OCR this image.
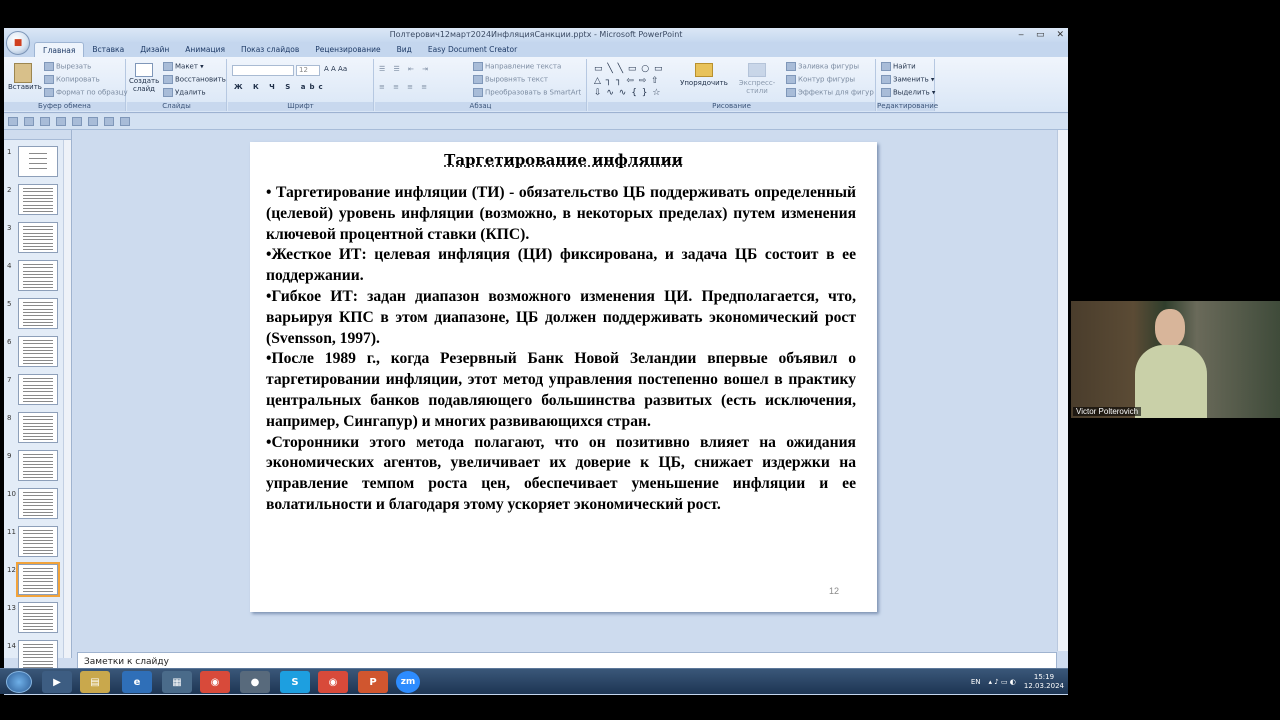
Полтерович12март2024ИнфляцияСанкции.pptx - Microsoft PowerPoint	‒ ▭ ✕
■
Главная	Вставка	Дизайн	Анимация	Показ слайдов	Рецензирование	Вид	Easy Document Creator
Вставить
Вырезать
Копировать
Формат по образцу
Буфер обмена
Создать слайд
Макет ▾
Восстановить
Удалить
Слайды
12	A A Aa
Ж К Ч S abc
Шрифт
☰ ☰ ⇤ ⇥
≡ ≡ ≡ ≡
Направление текста
Выровнять текст
Преобразовать в SmartArt
Абзац
▭ ╲ ╲ ▭ ○ ▭
△ ┐ ┐ ⇦ ⇨ ⇧
⇩ ∿ ∿ { } ☆
Упорядочить	Экспресс-стили
Заливка фигуры
Контур фигуры
Эффекты для фигур
Рисование
Найти
Заменить ▾
Выделить ▾
Редактирование
1
2
3
4
5
6
7
8
9
10
11
12
13
14
Заметки к слайду
Таргетирование инфляции
• Таргетирование инфляции (ТИ) - обязательство ЦБ поддерживать определенный (целевой) уровень инфляции (возможно, в некоторых пределах) путем изменения ключевой процентной ставки (КПС).
•Жесткое ИТ: целевая инфляция (ЦИ) фиксирована, и задача ЦБ состоит в ее поддержании.
•Гибкое ИТ: задан диапазон возможного изменения ЦИ. Предполагается, что, варьируя КПС в этом диапазоне, ЦБ должен поддерживать экономический рост (Svensson, 1997).
•После 1989 г., когда Резервный Банк Новой Зеландии впервые объявил о таргетировании инфляции, этот метод управления постепенно вошел в практику центральных банков подавляющего большинства развитых (есть исключения, например, Сингапур) и многих развивающихся стран.
•Сторонники этого метода полагают, что он позитивно влияет на ожидания экономических агентов, увеличивает их доверие к ЦБ, снижает издержки на управление темпом роста цен, обеспечивает уменьшение инфляции и ее волатильности и благодаря этому ускоряет экономический рост.
12
▶	▤	e	▦	◉	●	S	◉	P	zm	EN ▴ ♪ ▭ ◐
15:19
12.03.2024
Victor Polterovich
